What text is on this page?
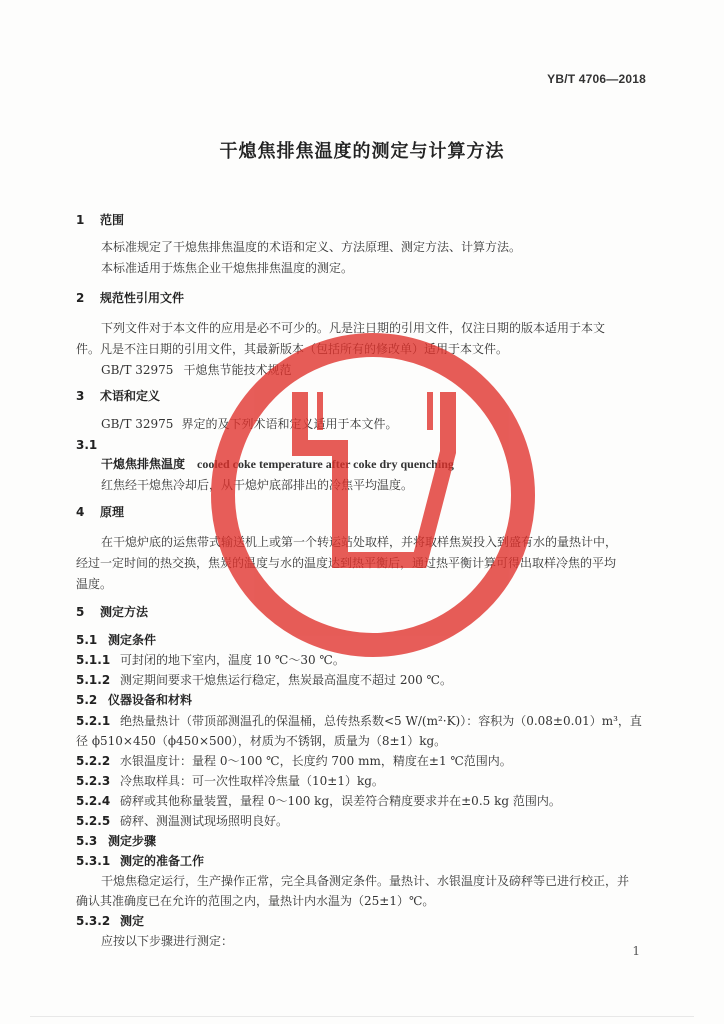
YB/T 4706—2018
干熄焦排焦温度的测定与计算方法
1 范围
本标准规定了干熄焦排焦温度的术语和定义、方法原理、测定方法、计算方法。
本标准适用于炼焦企业干熄焦排焦温度的测定。
2 规范性引用文件
下列文件对于本文件的应用是必不可少的。凡是注日期的引用文件，仅注日期的版本适用于本文
件。凡是不注日期的引用文件，其最新版本（包括所有的修改单）适用于本文件。
GB/T 32975 干熄焦节能技术规范
3 术语和定义
GB/T 32975 界定的及下列术语和定义适用于本文件。
3.1
干熄焦排焦温度 cooled coke temperature after coke dry quenching
红焦经干熄焦冷却后，从干熄炉底部排出的冷焦平均温度。
4 原理
在干熄炉底的运焦带式输送机上或第一个转运站处取样，并将取样焦炭投入到盛有水的量热计中，
经过一定时间的热交换，焦炭的温度与水的温度达到热平衡后，通过热平衡计算可得出取样冷焦的平均
温度。
5 测定方法
5.1 测定条件
5.1.1 可封闭的地下室内，温度 10 ℃～30 ℃。
5.1.2 测定期间要求干熄焦运行稳定，焦炭最高温度不超过 200 ℃。
5.2 仪器设备和材料
5.2.1 绝热量热计（带顶部测温孔的保温桶，总传热系数<5 W/(m²·K)）：容积为（0.08±0.01）m³，直
径 ϕ510×450（ϕ450×500），材质为不锈钢，质量为（8±1）kg。
5.2.2 水银温度计：量程 0～100 ℃，长度约 700 mm，精度在±1 ℃范围内。
5.2.3 冷焦取样具：可一次性取样冷焦量（10±1）kg。
5.2.4 磅秤或其他称量装置，量程 0～100 kg，误差符合精度要求并在±0.5 kg 范围内。
5.2.5 磅秤、测温测试现场照明良好。
5.3 测定步骤
5.3.1 测定的准备工作
干熄焦稳定运行，生产操作正常，完全具备测定条件。量热计、水银温度计及磅秤等已进行校正，并
确认其准确度已在允许的范围之内，量热计内水温为（25±1）℃。
5.3.2 测定
应按以下步骤进行测定：
1
